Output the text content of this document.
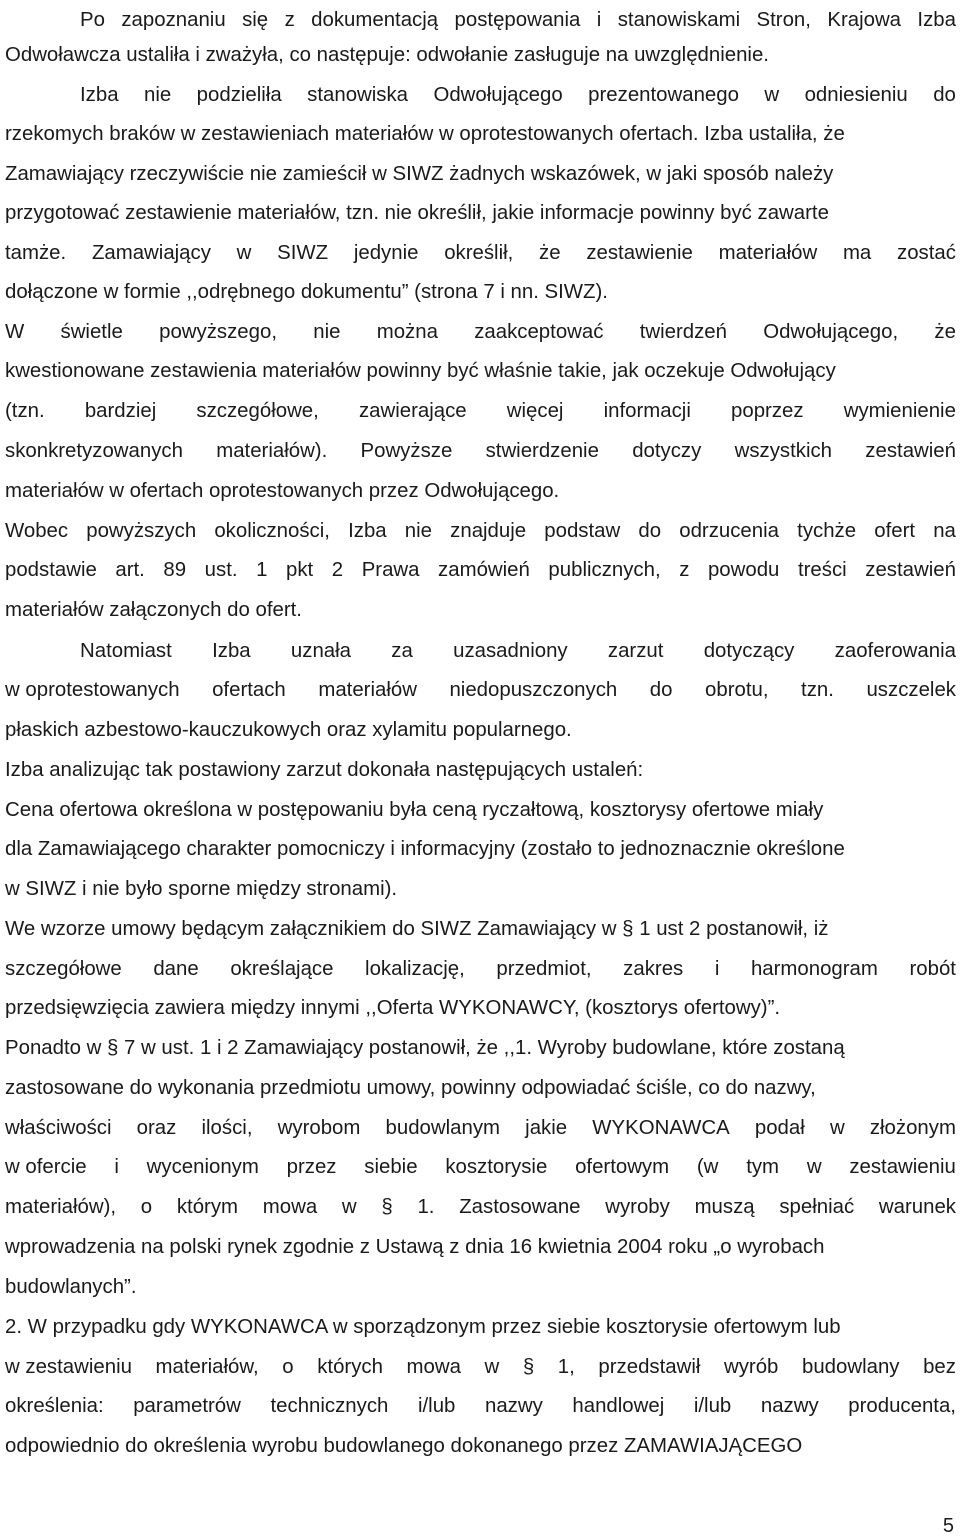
Po zapoznaniu się z dokumentacją postępowania i stanowiskami Stron, Krajowa Izba
Odwoławcza ustaliła i zważyła, co następuje: odwołanie zasługuje na uwzględnienie.
Izba nie podzieliła stanowiska Odwołującego prezentowanego w odniesieniu do
rzekomych braków w zestawieniach materiałów w oprotestowanych ofertach. Izba ustaliła, że
Zamawiający rzeczywiście nie zamieścił w SIWZ żadnych wskazówek, w jaki sposób należy
przygotować zestawienie materiałów, tzn. nie określił, jakie informacje powinny być zawarte
tamże. Zamawiający w SIWZ jedynie określił, że zestawienie materiałów ma zostać
dołączone w formie ,,odrębnego dokumentu” (strona 7 i nn. SIWZ).
W świetle powyższego, nie można zaakceptować twierdzeń Odwołującego, że
kwestionowane zestawienia materiałów powinny być właśnie takie, jak oczekuje Odwołujący
(tzn. bardziej szczegółowe, zawierające więcej informacji poprzez wymienienie
skonkretyzowanych materiałów). Powyższe stwierdzenie dotyczy wszystkich zestawień
materiałów w ofertach oprotestowanych przez Odwołującego.
Wobec powyższych okoliczności, Izba nie znajduje podstaw do odrzucenia tychże ofert na
podstawie art. 89 ust. 1 pkt 2 Prawa zamówień publicznych, z powodu treści zestawień
materiałów załączonych do ofert.
Natomiast Izba uznała za uzasadniony zarzut dotyczący zaoferowania
w oprotestowanych ofertach materiałów niedopuszczonych do obrotu, tzn. uszczelek
płaskich azbestowo-kauczukowych oraz xylamitu popularnego.
Izba analizując tak postawiony zarzut dokonała następujących ustaleń:
Cena ofertowa określona w postępowaniu była ceną ryczałtową, kosztorysy ofertowe miały
dla Zamawiającego charakter pomocniczy i informacyjny (zostało to jednoznacznie określone
w SIWZ i nie było sporne między stronami).
We wzorze umowy będącym załącznikiem do SIWZ Zamawiający w § 1 ust 2 postanowił, iż
szczegółowe dane określające lokalizację, przedmiot, zakres i harmonogram robót
przedsięwzięcia zawiera między innymi ,,Oferta WYKONAWCY, (kosztorys ofertowy)”.
Ponadto w § 7 w ust. 1 i 2 Zamawiający postanowił, że ,,1. Wyroby budowlane, które zostaną
zastosowane do wykonania przedmiotu umowy, powinny odpowiadać ściśle, co do nazwy,
właściwości oraz ilości, wyrobom budowlanym jakie WYKONAWCA podał w złożonym
w ofercie i wycenionym przez siebie kosztorysie ofertowym (w tym w zestawieniu
materiałów), o którym mowa w § 1. Zastosowane wyroby muszą spełniać warunek
wprowadzenia na polski rynek zgodnie z Ustawą z dnia 16 kwietnia 2004 roku „o wyrobach
budowlanych”.
2. W przypadku gdy WYKONAWCA w sporządzonym przez siebie kosztorysie ofertowym lub
w zestawieniu materiałów, o których mowa w § 1, przedstawił wyrób budowlany bez
określenia: parametrów technicznych i/lub nazwy handlowej i/lub nazwy producenta,
odpowiednio do określenia wyrobu budowlanego dokonanego przez ZAMAWIAJĄCEGO
5
